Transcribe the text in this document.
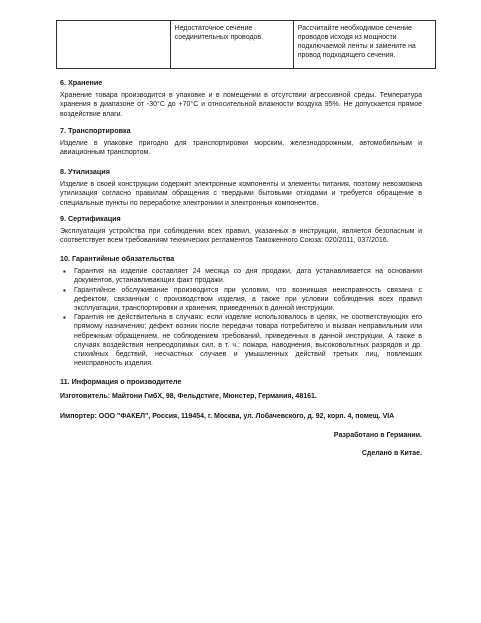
	Недостаточное сечение соединительных проводов.	Рассчитайте необходимое сечение проводов исходя из мощности подключаемой ленты и замените на провод подходящего сечения.

6. Хранение

Хранение товара производится в упаковке и в помещении в отсутствии агрессивной среды. Температура хранения в диапазоне от -30°С до +70°С и относительной влажности воздуха 95%. Не допускается прямое воздействие влаги.

7. Транспортировка

Изделие в упаковке пригодно для транспортировки морским, железнодорожным, автомобильным и авиационным транспортом.

8. Утилизация

Изделие в своей конструкции содержит электронные компоненты и элементы питания, поэтому невозможна утилизация согласно правилам обращения с твердыми бытовыми отходами и требуется обращение в специальные пункты по переработке электроники и электронных компонентов.

9. Сертификация

Эксплуатация устройства при соблюдении всех правил, указанных в инструкции, является безопасным и соответствует всем требованиям технических регламентов Таможенного Союза: 020/2011, 037/2016.

10. Гарантийные обязательства

▪ Гарантия на изделие составляет 24 месяца со дня продажи, дата устанавливается на основании документов, устанавливающих факт продажи.
▪ Гарантийное обслуживание производится при условии, что возникшая неисправность связана с дефектом, связанным с производством изделия, а также при условии соблюдения всех правил эксплуатации, транспортировки и хранения, приведенных в данной инструкции.
▪ Гарантия не действительна в случаях: если изделие использовалось в целях, не соответствующих его прямому назначению; дефект возник после передачи товара потребителю и вызван неправильным или небрежным обращением, не соблюдением требований, приведенных в данной инструкции. А также в случаях воздействия непреодолимых сил, в т. ч.: пожара, наводнения, высоковольтных разрядов и др. стихийных бедствий, несчастных случаев и умышленных действий третьих лиц, повлекших неисправность изделия.

11. Информация о производителе

Изготовитель: Майтони ГмбХ, 98, Фельдстиге, Мюнстер, Германия, 48161.

Импортер: ООО "ФАКЕЛ", Россия, 119454, г. Москва, ул. Лобачевского, д. 92, корп. 4, помещ. VIA

Разработано в Германии.

Сделано в Китае.
